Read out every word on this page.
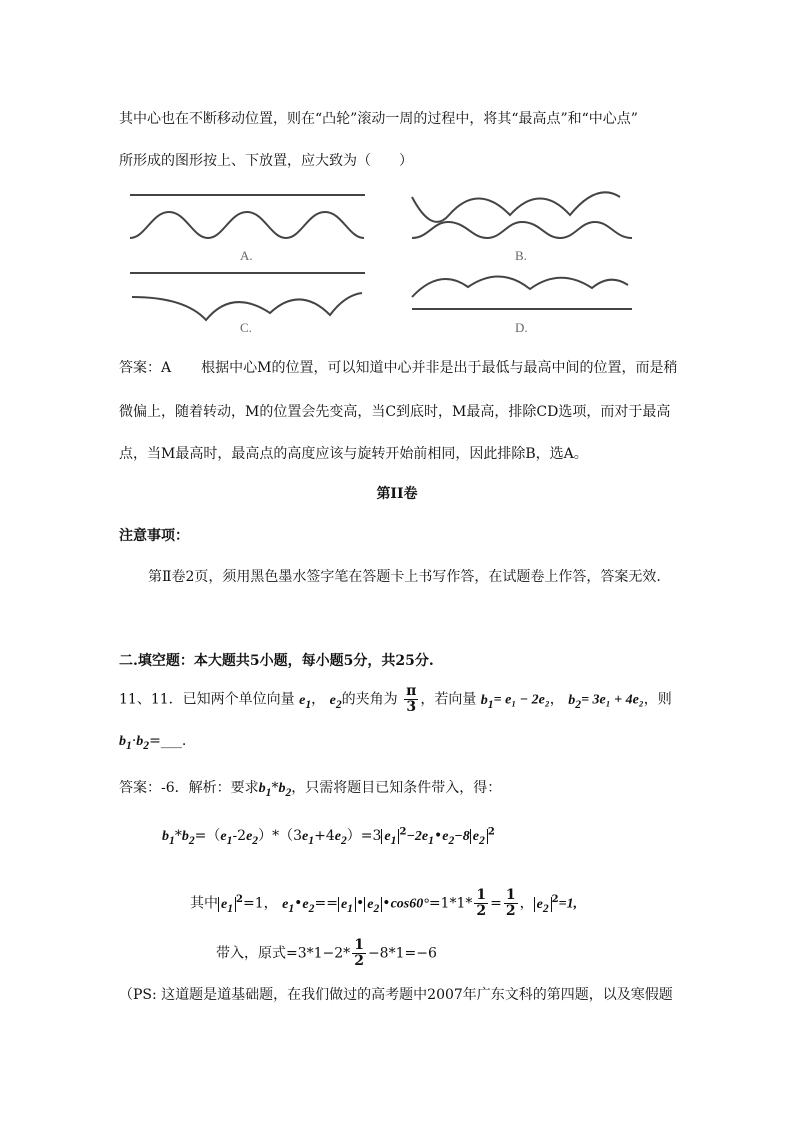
其中心也在不断移动位置，则在“凸轮”滚动一周的过程中，将其“最高点”和“中心点”
所形成的图形按上、下放置，应大致为（　　）
A.	B.
C.	D.
答案：A 根据中心M的位置，可以知道中心并非是出于最低与最高中间的位置，而是稍
微偏上，随着转动，M的位置会先变高，当C到底时，M最高，排除CD选项，而对于最高
点，当M最高时，最高点的高度应该与旋转开始前相同，因此排除B，选A。
第II卷
注意事项：
第Ⅱ卷2页，须用黑色墨水签字笔在答题卡上书写作答，在试题卷上作答，答案无效.
二.填空题：本大题共5小题，每小题5分，共25分.
11、11．已知两个单位向量 $e_1$， $e_2$的夹角为 $\frac{\pi}{3}$ ，若向量 $b_1= e_1 - 2e_2$， $b_2= 3e_1 + 4e_2$，则
$b_1\cdot b_2=\_\_\_$.
答案：-6．解析：要求$b_1*b_2$，只需将题目已知条件带入，得：
$b_1*b_2=(e_1-2e_2)*(3e_1+4e_2)=3$ $e_1^2-2e_1•e_2-8$ $e_2^2$
其中 $e_1^2=1$， $e_1•e_2== e_1$ • $e_2$ •cos60°=1*1* $\frac{1}{2} = \frac{1}{2}$ ， $e_2^2=1$,
带入，原式$=3*1-2* \frac{1}{2} -8*1=-6$
（PS: 这道题是道基础题，在我们做过的高考题中2007年广东文科的第四题，以及寒假题
